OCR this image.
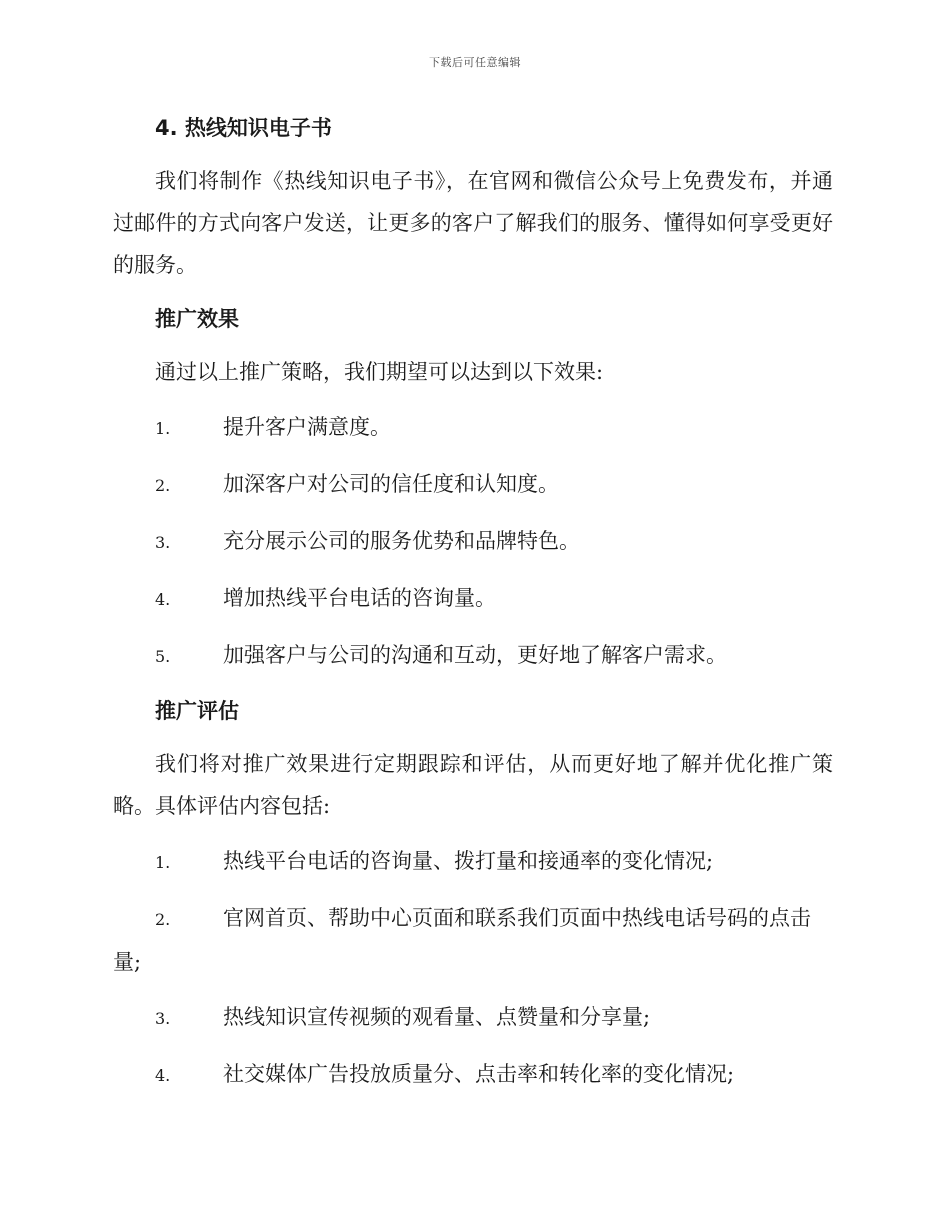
下载后可任意编辑
4. 热线知识电子书

我们将制作《热线知识电子书》，在官网和微信公众号上免费发布，并通过邮件的方式向客户发送，让更多的客户了解我们的服务、懂得如何享受更好的服务。

推广效果

通过以上推广策略，我们期望可以达到以下效果:

1.	提升客户满意度。

2.	加深客户对公司的信任度和认知度。

3.	充分展示公司的服务优势和品牌特色。

4.	增加热线平台电话的咨询量。

5.	加强客户与公司的沟通和互动，更好地了解客户需求。

推广评估

我们将对推广效果进行定期跟踪和评估，从而更好地了解并优化推广策略。具体评估内容包括:

1.	热线平台电话的咨询量、拨打量和接通率的变化情况;

2.	官网首页、帮助中心页面和联系我们页面中热线电话号码的点击量;

3.	热线知识宣传视频的观看量、点赞量和分享量;

4.	社交媒体广告投放质量分、点击率和转化率的变化情况;
